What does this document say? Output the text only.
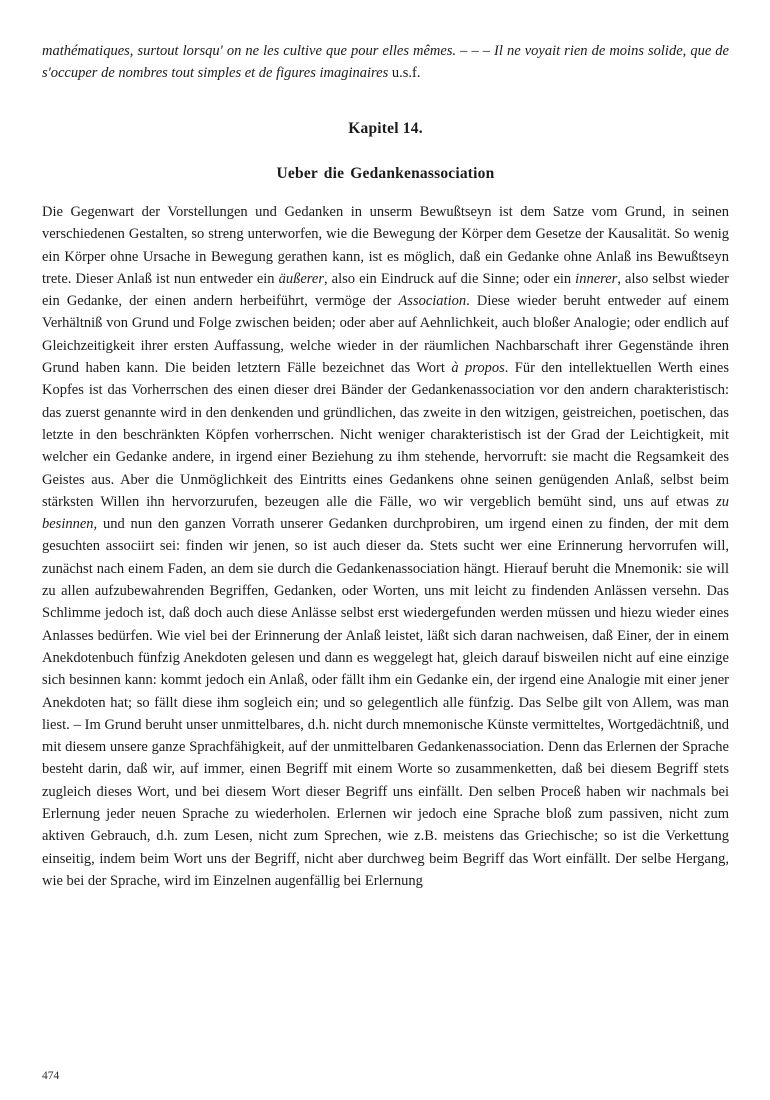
mathématiques, surtout lorsqu' on ne les cultive que pour elles mêmes. – – – Il ne voyait rien de moins solide, que de s'occuper de nombres tout simples et de figures imaginaires u.s.f.

Kapitel 14.
Ueber die Gedankenassociation

Die Gegenwart der Vorstellungen und Gedanken in unserm Bewußtseyn ist dem Satze vom Grund, in seinen verschiedenen Gestalten, so streng unterworfen, wie die Bewegung der Körper dem Gesetze der Kausalität. So wenig ein Körper ohne Ursache in Bewegung gerathen kann, ist es möglich, daß ein Gedanke ohne Anlaß ins Bewußtseyn trete. Dieser Anlaß ist nun entweder ein äußerer, also ein Eindruck auf die Sinne; oder ein innerer, also selbst wieder ein Gedanke, der einen andern herbeiführt, vermöge der Association. Diese wieder beruht entweder auf einem Verhältniß von Grund und Folge zwischen beiden; oder aber auf Aehnlichkeit, auch bloßer Analogie; oder endlich auf Gleichzeitigkeit ihrer ersten Auffassung, welche wieder in der räumlichen Nachbarschaft ihrer Gegenstände ihren Grund haben kann. Die beiden letztern Fälle bezeichnet das Wort à propos. Für den intellektuellen Werth eines Kopfes ist das Vorherrschen des einen dieser drei Bänder der Gedankenassociation vor den andern charakteristisch: das zuerst genannte wird in den denkenden und gründlichen, das zweite in den witzigen, geistreichen, poetischen, das letzte in den beschränkten Köpfen vorherrschen. Nicht weniger charakteristisch ist der Grad der Leichtigkeit, mit welcher ein Gedanke andere, in irgend einer Beziehung zu ihm stehende, hervorruft: sie macht die Regsamkeit des Geistes aus. Aber die Unmöglichkeit des Eintritts eines Gedankens ohne seinen genügenden Anlaß, selbst beim stärksten Willen ihn hervorzurufen, bezeugen alle die Fälle, wo wir vergeblich bemüht sind, uns auf etwas zu besinnen, und nun den ganzen Vorrath unserer Gedanken durchprobiren, um irgend einen zu finden, der mit dem gesuchten associirt sei: finden wir jenen, so ist auch dieser da. Stets sucht wer eine Erinnerung hervorrufen will, zunächst nach einem Faden, an dem sie durch die Gedankenassociation hängt. Hierauf beruht die Mnemonik: sie will zu allen aufzubewahrenden Begriffen, Gedanken, oder Worten, uns mit leicht zu findenden Anlässen versehn. Das Schlimme jedoch ist, daß doch auch diese Anlässe selbst erst wiedergefunden werden müssen und hiezu wieder eines Anlasses bedürfen. Wie viel bei der Erinnerung der Anlaß leistet, läßt sich daran nachweisen, daß Einer, der in einem Anekdotenbuch fünfzig Anekdoten gelesen und dann es weggelegt hat, gleich darauf bisweilen nicht auf eine einzige sich besinnen kann: kommt jedoch ein Anlaß, oder fällt ihm ein Gedanke ein, der irgend eine Analogie mit einer jener Anekdoten hat; so fällt diese ihm sogleich ein; und so gelegentlich alle fünfzig. Das Selbe gilt von Allem, was man liest. – Im Grund beruht unser unmittelbares, d.h. nicht durch mnemonische Künste vermitteltes, Wortgedächtniß, und mit diesem unsere ganze Sprachfähigkeit, auf der unmittelbaren Gedankenassociation. Denn das Erlernen der Sprache besteht darin, daß wir, auf immer, einen Begriff mit einem Worte so zusammenketten, daß bei diesem Begriff stets zugleich dieses Wort, und bei diesem Wort dieser Begriff uns einfällt. Den selben Proceß haben wir nachmals bei Erlernung jeder neuen Sprache zu wiederholen. Erlernen wir jedoch eine Sprache bloß zum passiven, nicht zum aktiven Gebrauch, d.h. zum Lesen, nicht zum Sprechen, wie z.B. meistens das Griechische; so ist die Verkettung einseitig, indem beim Wort uns der Begriff, nicht aber durchweg beim Begriff das Wort einfällt. Der selbe Hergang, wie bei der Sprache, wird im Einzelnen augenfällig bei Erlernung

474
